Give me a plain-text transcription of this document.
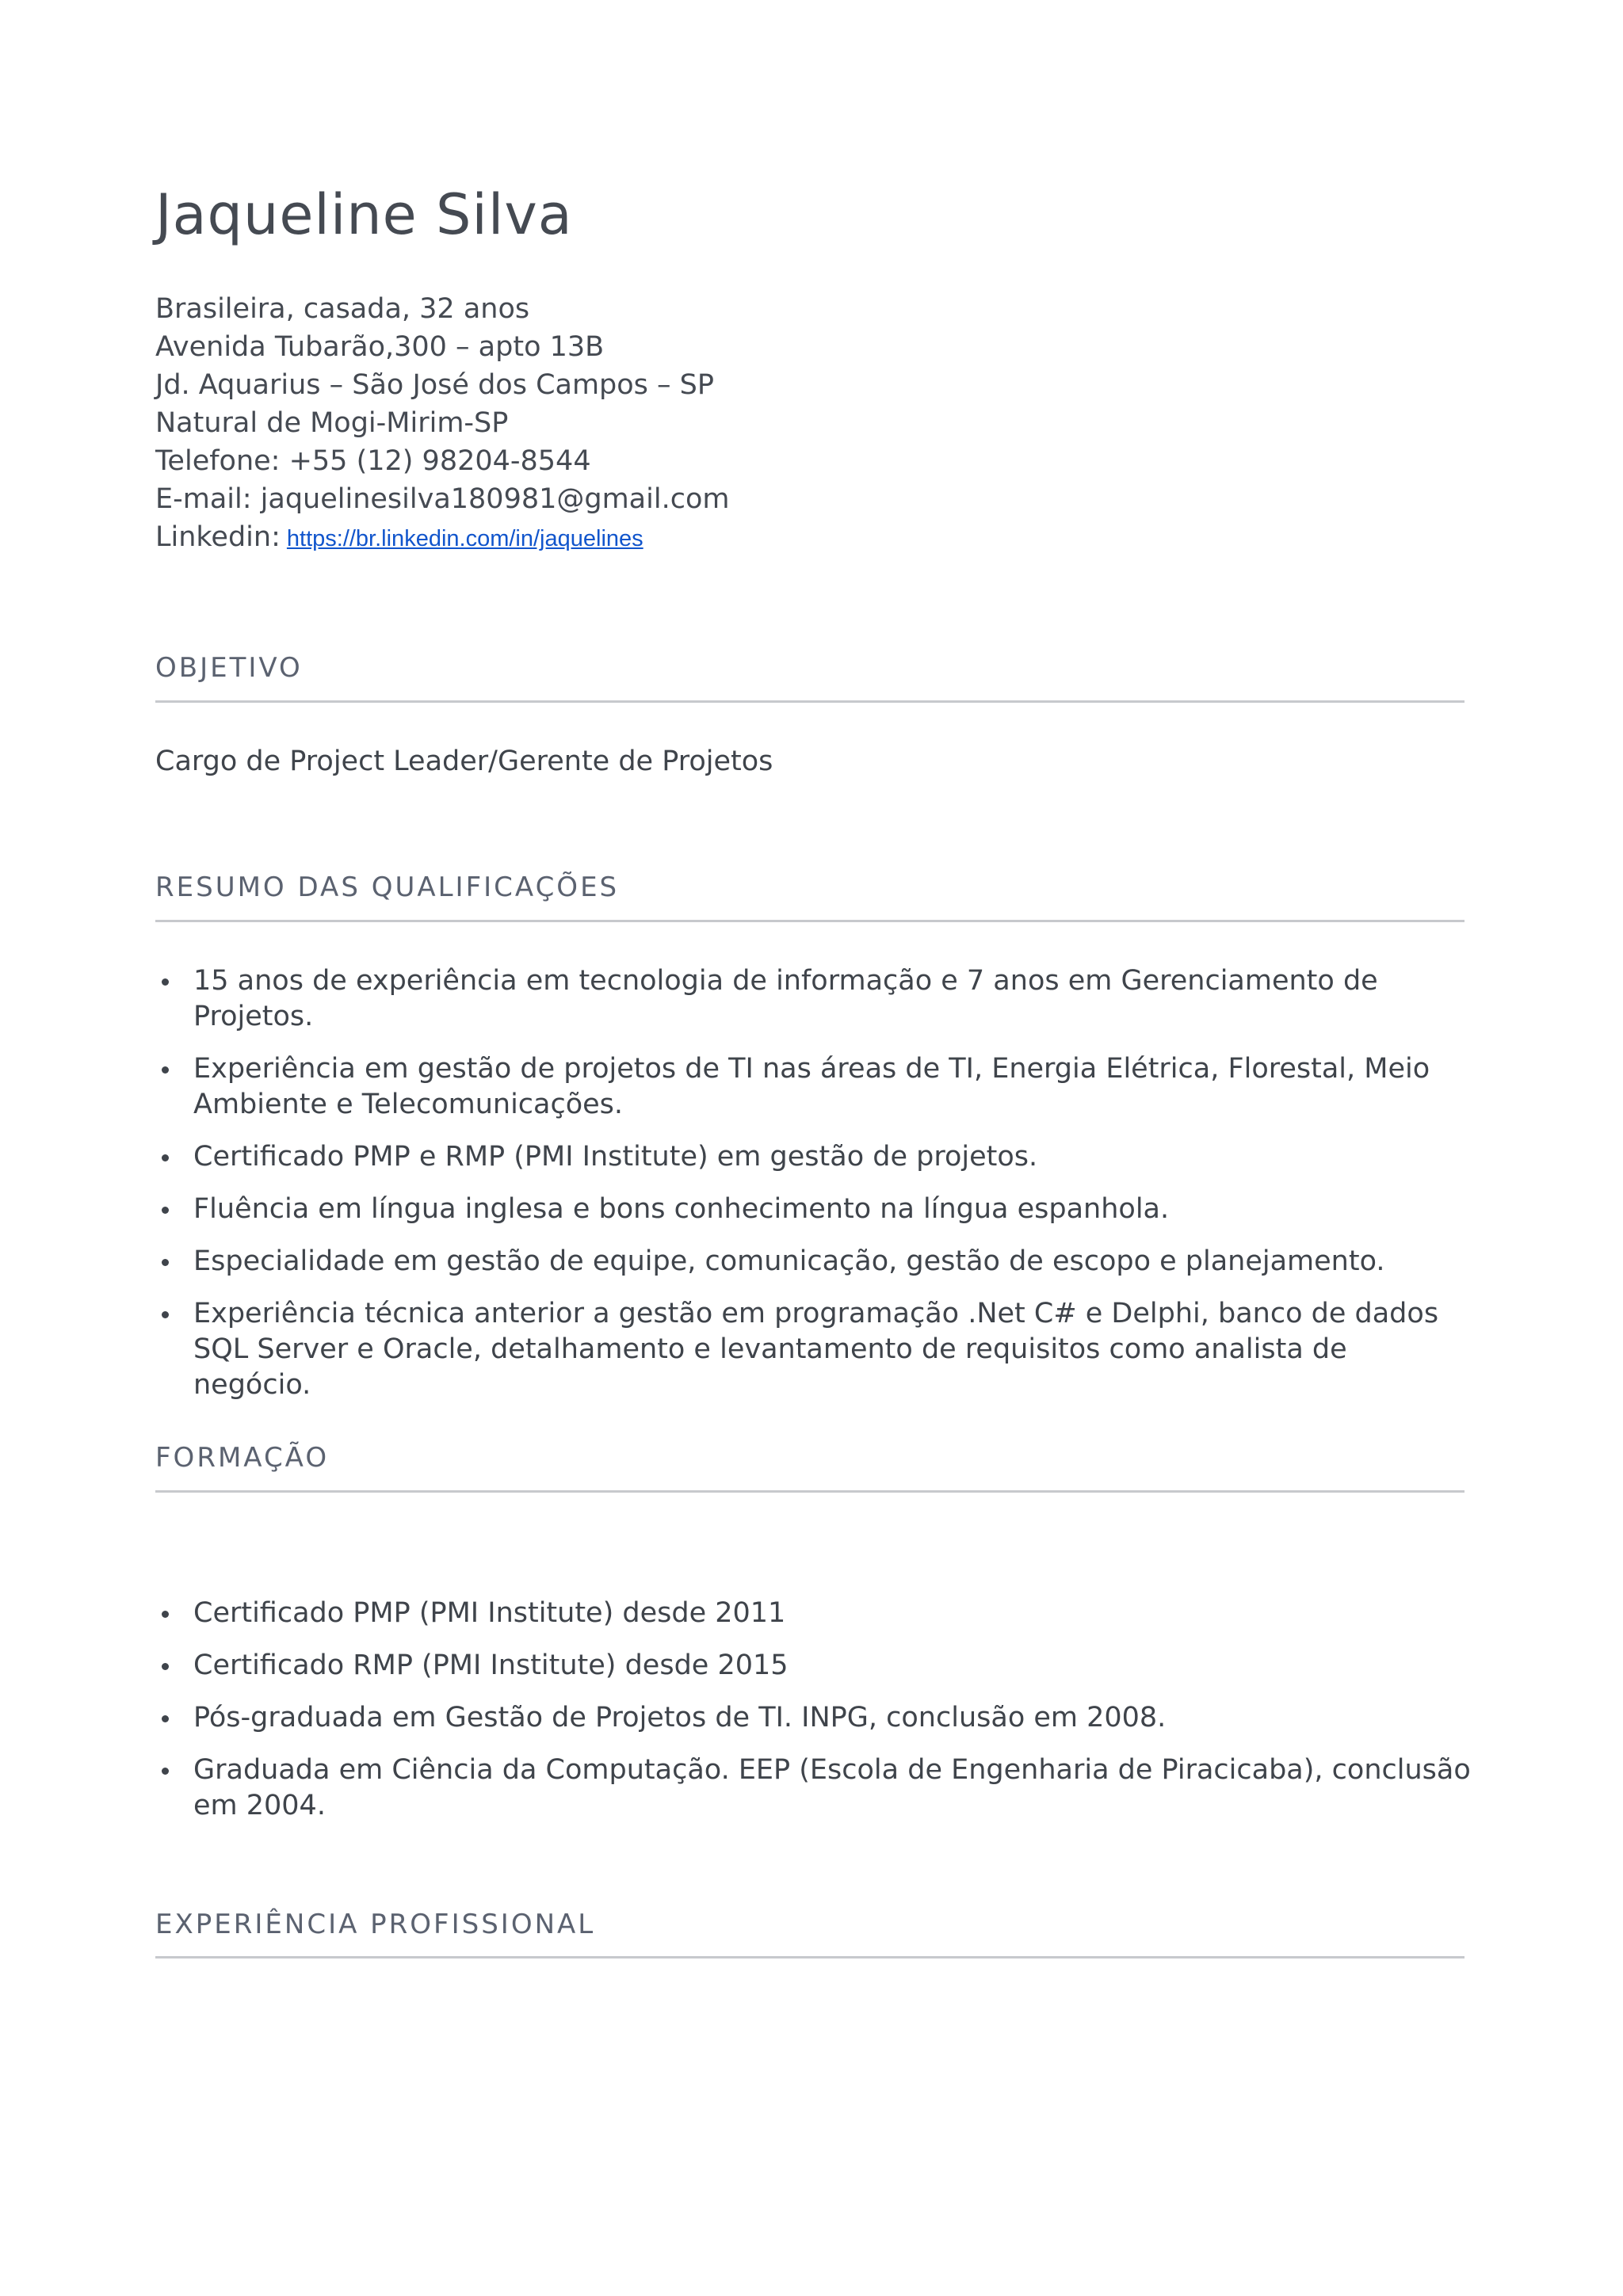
Jaqueline Silva
Brasileira, casada, 32 anos
Avenida Tubarão,300 – apto 13B
Jd. Aquarius – São José dos Campos – SP
Natural de Mogi-Mirim-SP
Telefone: +55 (12) 98204-8544
E-mail: jaquelinesilva180981@gmail.com
Linkedin: https://br.linkedin.com/in/jaquelines
OBJETIVO

Cargo de Project Leader/Gerente de Projetos

RESUMO DAS QUALIFICAÇÕES
15 anos de experiência em tecnologia de informação e 7 anos em Gerenciamento de Projetos.
Experiência em gestão de projetos de TI nas áreas de TI, Energia Elétrica, Florestal, Meio Ambiente e Telecomunicações.
Certificado PMP e RMP (PMI Institute) em gestão de projetos.
Fluência em língua inglesa e bons conhecimento na língua espanhola.
Especialidade em gestão de equipe, comunicação, gestão de escopo e planejamento.
Experiência técnica anterior a gestão em programação .Net C# e Delphi, banco de dados SQL Server e Oracle, detalhamento e levantamento de requisitos como analista de negócio.
FORMAÇÃO
Certificado PMP (PMI Institute) desde 2011
Certificado RMP (PMI Institute) desde 2015
Pós-graduada em Gestão de Projetos de TI. INPG, conclusão em 2008.
Graduada em Ciência da Computação. EEP (Escola de Engenharia de Piracicaba), conclusão em 2004.
EXPERIÊNCIA PROFISSIONAL
